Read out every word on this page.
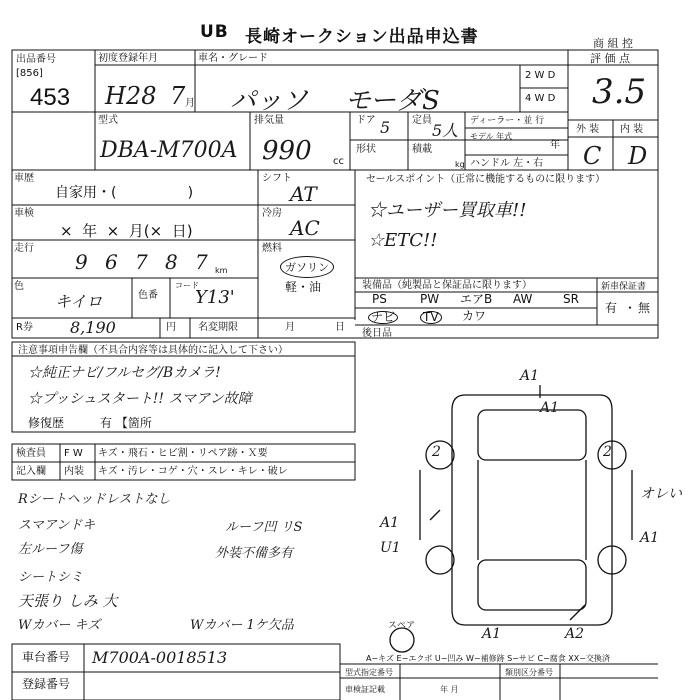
UB 長崎オークション出品申込書	商 組 控
出品番号
[856]
453
初度登録年月
H28 7 月
車名・グレード
パッソ モーダS
2 W D
4 W D
評 価 点
3.5
外 装 内 装
C D
型式
DBA-M700A
排気量
990 cc
ドア 5 定員
5人 ディーラー・並 行
モデル 年式
年
形状	積載
kg ハンドル 左・右
車歴
自家用・(                )
車検
×  年  ×  月(×  日)
走行
9 6 7 8 7 km
色
キイロ	色番
コード
Y13'
R券 8,190	円 名変期限	月	日
シフト
AT
冷房
AC
燃料
ガソリン
軽・油
セールスポイント（正常に機能するものに限ります）
☆ユーザー買取車!!
☆ETC!!
装備品（純製品と保証品に限ります）
PS	PW エアB AW	SR
ナビ TV カワ
新車保証書
有 ・ 無
後日品
注意事項申告欄（不具合内容等は具体的に記入して下さい）
☆純正ナビ/フルセグ/Bカメラ!
☆プッシュスタート!! スマアン故障
修復歴	有 【箇所
検査員
記入欄
F W キズ・飛石・ヒビ割・リペア跡・Ｘ要
内装 キズ・汚レ・コゲ・穴・スレ・キレ・破レ
Rシートヘッドレストなし
スマアンドキ
左ルーフ傷
天張り しみ 大
Wカバー キズ
ルーフ凹 リS
外装不備多有
シートシミ
Wカバー 1ケ欠品
A1
A1
2	2
オレい
A1
U1
A1
A1	A2
スペア
A−キズ E−エクボ U−凹み W−補修跡 S−サビ C−腐食 XX−交換済
車台番号 M700A-0018513
登録番号
型式指定番号	類別区分番号
車検証記載	年 月
